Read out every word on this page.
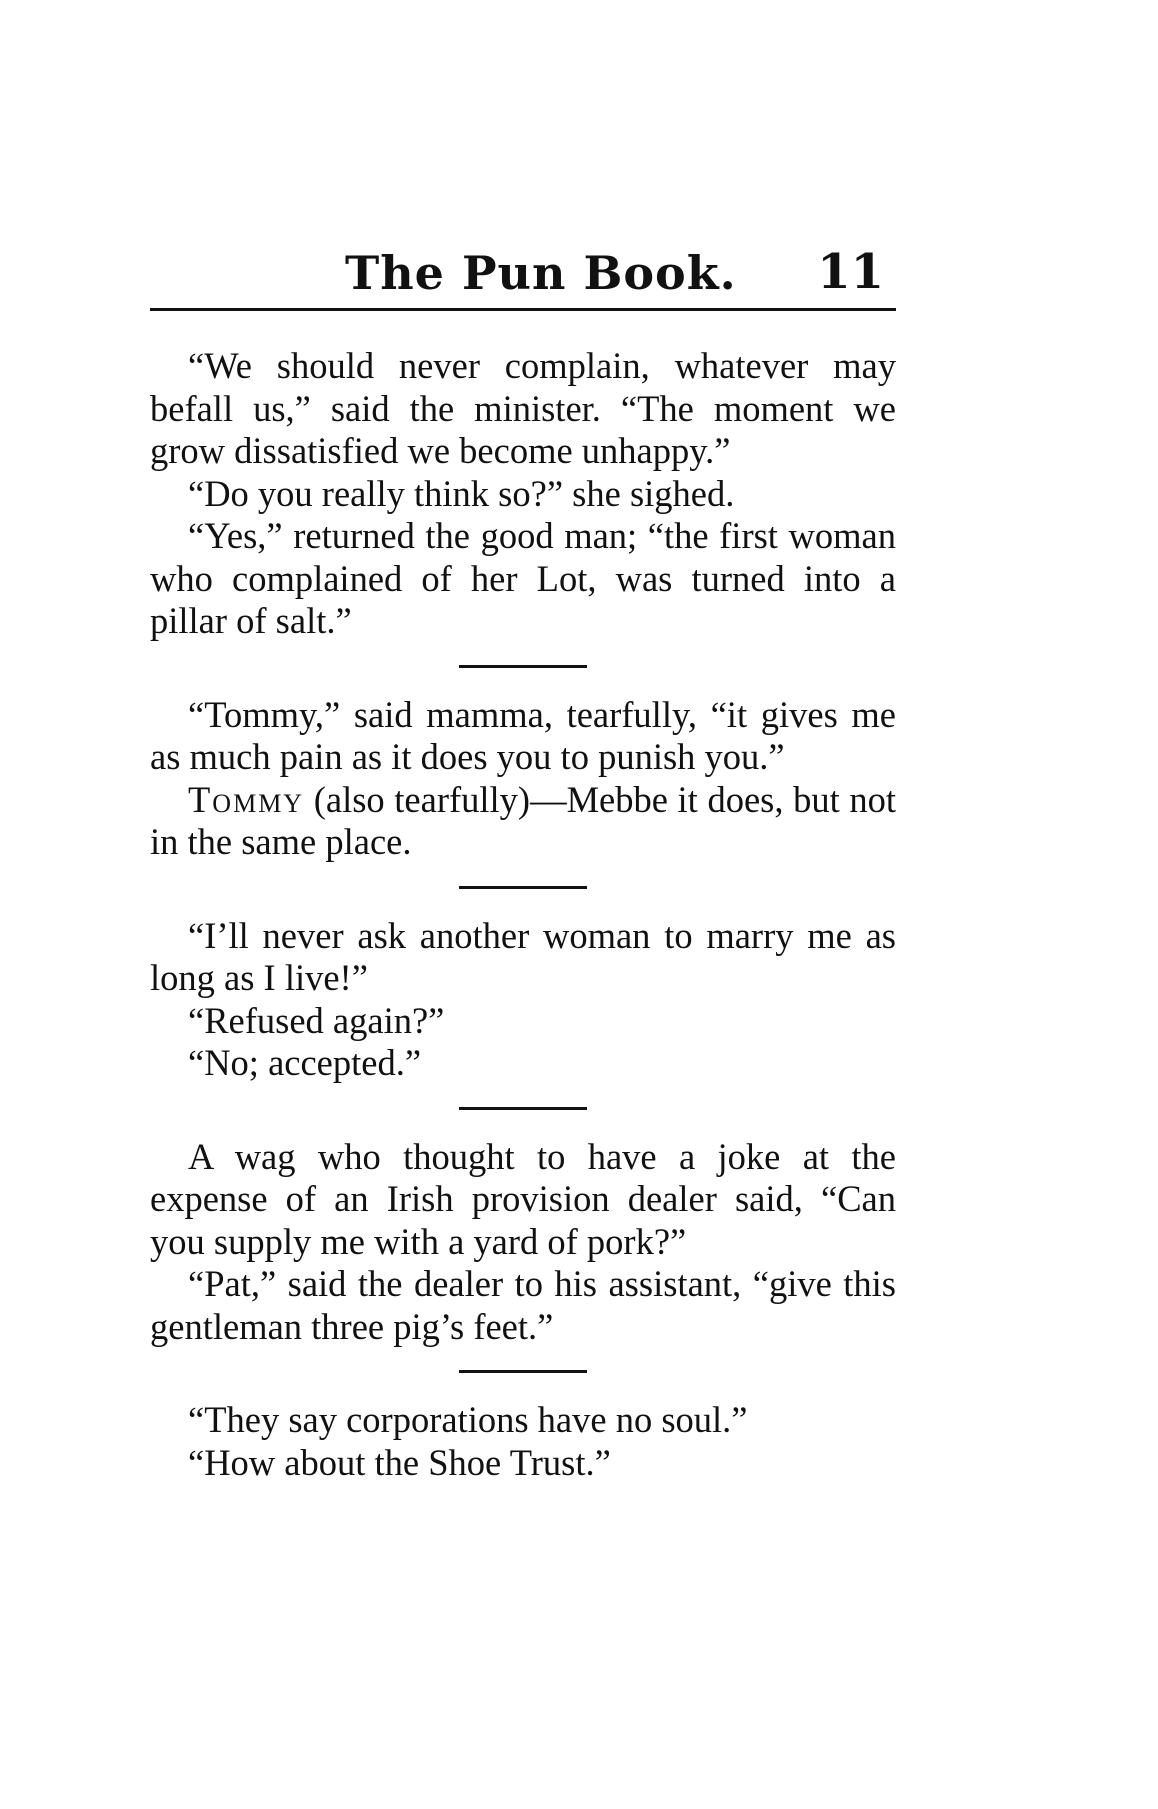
The Pun Book. 11

“We should never complain, whatever may befall us,” said the minister. “The moment we grow dissatisfied we become unhappy.”

“Do you really think so?” she sighed.

“Yes,” returned the good man; “the first woman who complained of her Lot, was turned into a pillar of salt.”

“Tommy,” said mamma, tearfully, “it gives me as much pain as it does you to punish you.”

Tommy (also tearfully)—Mebbe it does, but not in the same place.

“I’ll never ask another woman to marry me as long as I live!”

“Refused again?”

“No; accepted.”

A wag who thought to have a joke at the expense of an Irish provision dealer said, “Can you supply me with a yard of pork?”

“Pat,” said the dealer to his assistant, “give this gentleman three pig’s feet.”

“They say corporations have no soul.”

“How about the Shoe Trust.”
